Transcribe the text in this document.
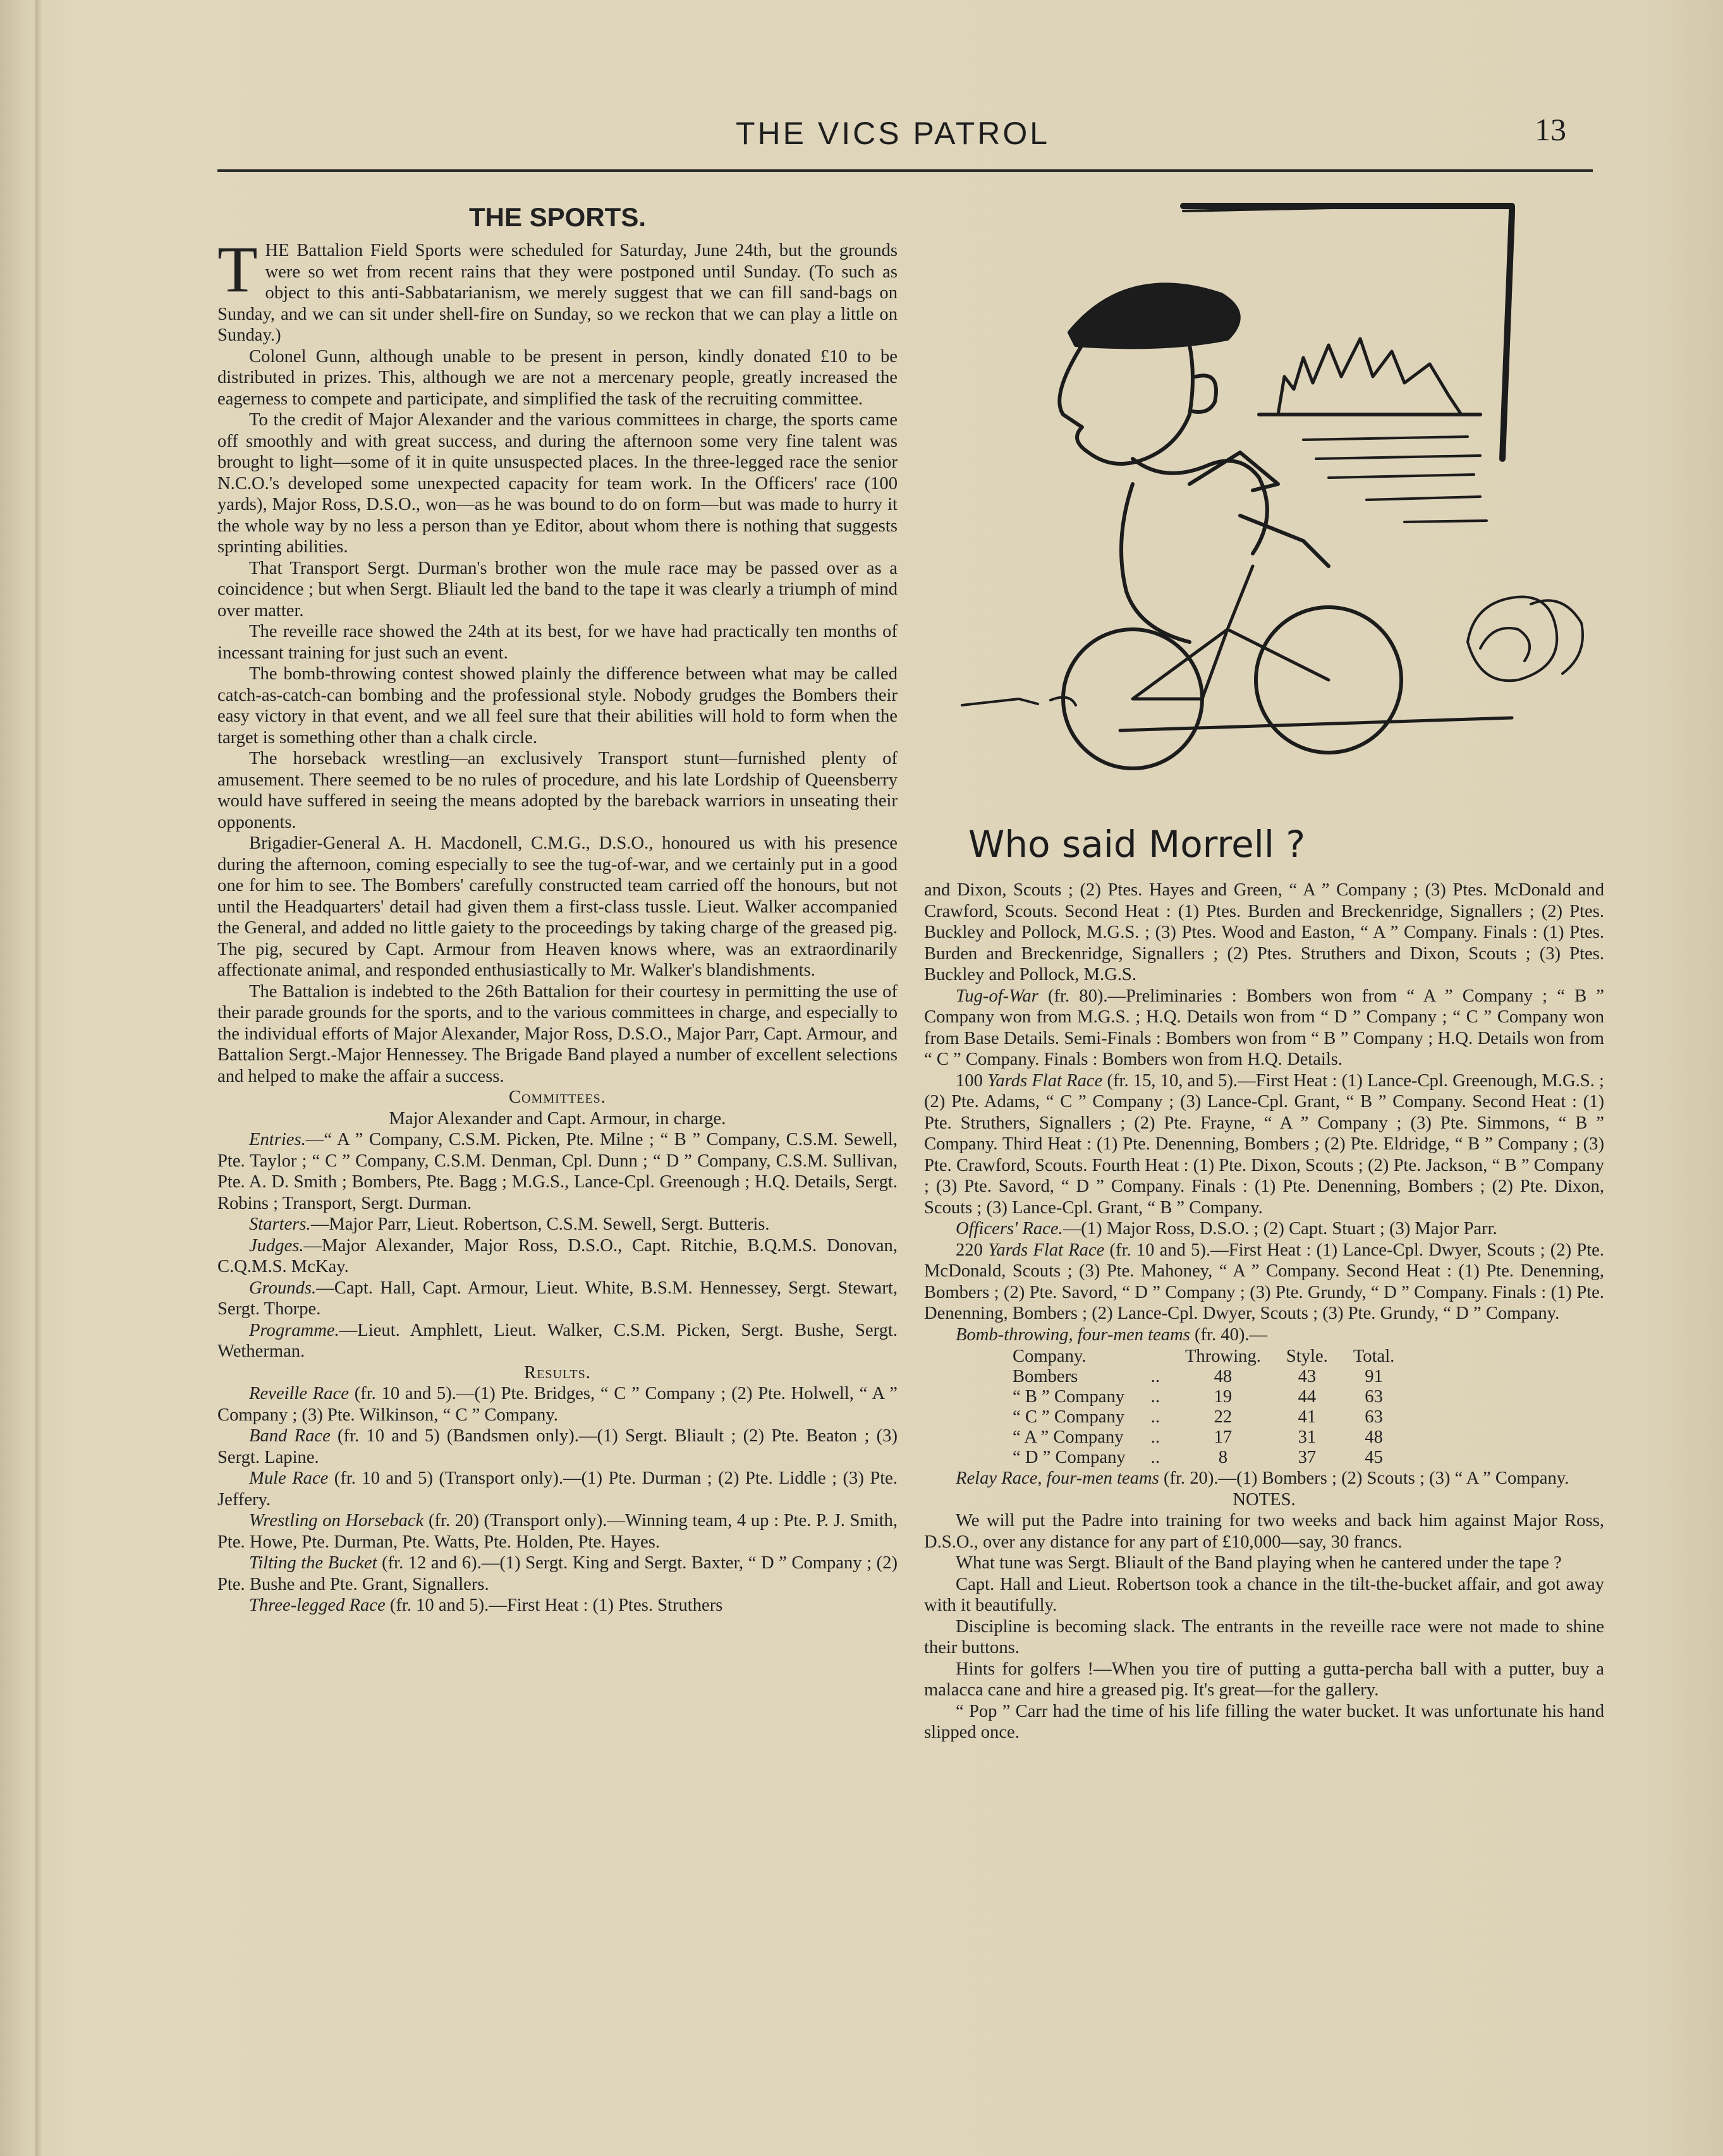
THE VICS PATROL	13
Who said Morrell ?
THE SPORTS.

THE Battalion Field Sports were scheduled for Saturday, June 24th, but the grounds were so wet from recent rains that they were postponed until Sunday. (To such as object to this anti-Sabbatarianism, we merely suggest that we can fill sand-bags on Sunday, and we can sit under shell-fire on Sunday, so we reckon that we can play a little on Sunday.)

Colonel Gunn, although unable to be present in person, kindly donated £10 to be distributed in prizes. This, although we are not a mercenary people, greatly increased the eagerness to compete and participate, and simplified the task of the recruiting committee.

To the credit of Major Alexander and the various committees in charge, the sports came off smoothly and with great success, and during the afternoon some very fine talent was brought to light—some of it in quite unsuspected places. In the three-legged race the senior N.C.O.'s developed some unexpected capacity for team work. In the Officers' race (100 yards), Major Ross, D.S.O., won—as he was bound to do on form—but was made to hurry it the whole way by no less a person than ye Editor, about whom there is nothing that suggests sprinting abilities.

That Transport Sergt. Durman's brother won the mule race may be passed over as a coincidence ; but when Sergt. Bliault led the band to the tape it was clearly a triumph of mind over matter.

The reveille race showed the 24th at its best, for we have had practically ten months of incessant training for just such an event.

The bomb-throwing contest showed plainly the difference between what may be called catch-as-catch-can bombing and the professional style. Nobody grudges the Bombers their easy victory in that event, and we all feel sure that their abilities will hold to form when the target is something other than a chalk circle.

The horseback wrestling—an exclusively Transport stunt—furnished plenty of amusement. There seemed to be no rules of procedure, and his late Lordship of Queensberry would have suffered in seeing the means adopted by the bareback warriors in unseating their opponents.

Brigadier-General A. H. Macdonell, C.M.G., D.S.O., honoured us with his presence during the afternoon, coming especially to see the tug-of-war, and we certainly put in a good one for him to see. The Bombers' carefully constructed team carried off the honours, but not until the Headquarters' detail had given them a first-class tussle. Lieut. Walker accompanied the General, and added no little gaiety to the proceedings by taking charge of the greased pig. The pig, secured by Capt. Armour from Heaven knows where, was an extraordinarily affectionate animal, and responded enthusiastically to Mr. Walker's blandishments.

The Battalion is indebted to the 26th Battalion for their courtesy in permitting the use of their parade grounds for the sports, and to the various committees in charge, and especially to the individual efforts of Major Alexander, Major Ross, D.S.O., Major Parr, Capt. Armour, and Battalion Sergt.-Major Hennessey. The Brigade Band played a number of excellent selections and helped to make the affair a success.

Committees.

Major Alexander and Capt. Armour, in charge.

Entries.—“ A ” Company, C.S.M. Picken, Pte. Milne ; “ B ” Company, C.S.M. Sewell, Pte. Taylor ; “ C ” Company, C.S.M. Denman, Cpl. Dunn ; “ D ” Company, C.S.M. Sullivan, Pte. A. D. Smith ; Bombers, Pte. Bagg ; M.G.S., Lance-Cpl. Greenough ; H.Q. Details, Sergt. Robins ; Transport, Sergt. Durman.

Starters.—Major Parr, Lieut. Robertson, C.S.M. Sewell, Sergt. Butteris.

Judges.—Major Alexander, Major Ross, D.S.O., Capt. Ritchie, B.Q.M.S. Donovan, C.Q.M.S. McKay.

Grounds.—Capt. Hall, Capt. Armour, Lieut. White, B.S.M. Hennessey, Sergt. Stewart, Sergt. Thorpe.

Programme.—Lieut. Amphlett, Lieut. Walker, C.S.M. Picken, Sergt. Bushe, Sergt. Wetherman.

Results.

Reveille Race (fr. 10 and 5).—(1) Pte. Bridges, “ C ” Company ; (2) Pte. Holwell, “ A ” Company ; (3) Pte. Wilkinson, “ C ” Company.

Band Race (fr. 10 and 5) (Bandsmen only).—(1) Sergt. Bliault ; (2) Pte. Beaton ; (3) Sergt. Lapine.

Mule Race (fr. 10 and 5) (Transport only).—(1) Pte. Durman ; (2) Pte. Liddle ; (3) Pte. Jeffery.

Wrestling on Horseback (fr. 20) (Transport only).—Winning team, 4 up : Pte. P. J. Smith, Pte. Howe, Pte. Durman, Pte. Watts, Pte. Holden, Pte. Hayes.

Tilting the Bucket (fr. 12 and 6).—(1) Sergt. King and Sergt. Baxter, “ D ” Company ; (2) Pte. Bushe and Pte. Grant, Signallers.

Three-legged Race (fr. 10 and 5).—First Heat : (1) Ptes. Struthers

and Dixon, Scouts ; (2) Ptes. Hayes and Green, “ A ” Company ; (3) Ptes. McDonald and Crawford, Scouts. Second Heat : (1) Ptes. Burden and Breckenridge, Signallers ; (2) Ptes. Buckley and Pollock, M.G.S. ; (3) Ptes. Wood and Easton, “ A ” Company. Finals : (1) Ptes. Burden and Breckenridge, Signallers ; (2) Ptes. Struthers and Dixon, Scouts ; (3) Ptes. Buckley and Pollock, M.G.S.

Tug-of-War (fr. 80).—Preliminaries : Bombers won from “ A ” Company ; “ B ” Company won from M.G.S. ; H.Q. Details won from “ D ” Company ; “ C ” Company won from Base Details. Semi-Finals : Bombers won from “ B ” Company ; H.Q. Details won from “ C ” Company. Finals : Bombers won from H.Q. Details.

100 Yards Flat Race (fr. 15, 10, and 5).—First Heat : (1) Lance-Cpl. Greenough, M.G.S. ; (2) Pte. Adams, “ C ” Company ; (3) Lance-Cpl. Grant, “ B ” Company. Second Heat : (1) Pte. Struthers, Signallers ; (2) Pte. Frayne, “ A ” Company ; (3) Pte. Simmons, “ B ” Company. Third Heat : (1) Pte. Denenning, Bombers ; (2) Pte. Eldridge, “ B ” Company ; (3) Pte. Crawford, Scouts. Fourth Heat : (1) Pte. Dixon, Scouts ; (2) Pte. Jackson, “ B ” Company ; (3) Pte. Savord, “ D ” Company. Finals : (1) Pte. Denenning, Bombers ; (2) Pte. Dixon, Scouts ; (3) Lance-Cpl. Grant, “ B ” Company.

Officers' Race.—(1) Major Ross, D.S.O. ; (2) Capt. Stuart ; (3) Major Parr.

220 Yards Flat Race (fr. 10 and 5).—First Heat : (1) Lance-Cpl. Dwyer, Scouts ; (2) Pte. McDonald, Scouts ; (3) Pte. Mahoney, “ A ” Company. Second Heat : (1) Pte. Denenning, Bombers ; (2) Pte. Savord, “ D ” Company ; (3) Pte. Grundy, “ D ” Company. Finals : (1) Pte. Denenning, Bombers ; (2) Lance-Cpl. Dwyer, Scouts ; (3) Pte. Grundy, “ D ” Company.

Bomb-throwing, four-men teams (fr. 40).—

Company.		Throwing.	Style.	Total.
Bombers	..	48	43	91
“ B ” Company	..	19	44	63
“ C ” Company	..	22	41	63
“ A ” Company	..	17	31	48
“ D ” Company	..	8	37	45

Relay Race, four-men teams (fr. 20).—(1) Bombers ; (2) Scouts ; (3) “ A ” Company.

NOTES.

We will put the Padre into training for two weeks and back him against Major Ross, D.S.O., over any distance for any part of £10,000—say, 30 francs.

What tune was Sergt. Bliault of the Band playing when he cantered under the tape ?

Capt. Hall and Lieut. Robertson took a chance in the tilt-the-bucket affair, and got away with it beautifully.

Discipline is becoming slack. The entrants in the reveille race were not made to shine their buttons.

Hints for golfers !—When you tire of putting a gutta-percha ball with a putter, buy a malacca cane and hire a greased pig. It's great—for the gallery.

“ Pop ” Carr had the time of his life filling the water bucket. It was unfortunate his hand slipped once.
